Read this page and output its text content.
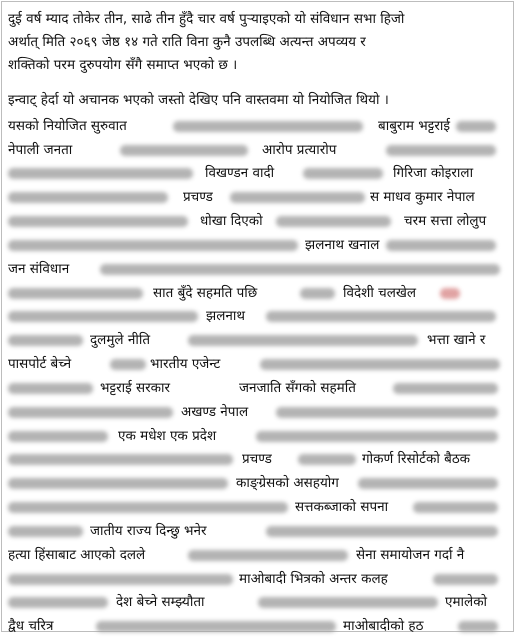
दुई वर्ष म्याद तोकेर तीन, साढे तीन हुँदै चार वर्ष पुऱ्याइएको यो संविधान सभा हिजो
अर्थात् मिति २०६९ जेष्ठ १४ गते राति विना कुनै उपलब्धि अत्यन्त अपव्यय र
शक्तिको परम दुरुपयोग सँगै समाप्त भएको छ ।
इन्वाट् हेर्दा यो अचानक भएको जस्तो देखिए पनि वास्तवमा यो नियोजित थियो ।
यसको नियोजित सुरुवात	बाबुराम भट्टराई
नेपाली जनता	आरोप प्रत्यारोप
विखण्डन वादी	गिरिजा कोइराला
प्रचण्ड	स माधव कुमार नेपाल
धोखा दिएको	चरम सत्ता लोलुप
झलनाथ खनाल
जन संविधान
सात बुँदे सहमति पछि	विदेशी चलखेल
झलनाथ
दुलमुले नीति	भत्ता खाने र
पासपोर्ट बेच्ने	भारतीय एजेन्ट
भट्टराई सरकार	जनजाति सँगको सहमति
अखण्ड नेपाल
एक मधेश एक प्रदेश
प्रचण्ड	गोकर्ण रिसोर्टको बैठक
काङ्ग्रेसको असहयोग
सत्तकब्जाको सपना
जातीय राज्य दिन्छु भनेर
हत्या हिंसाबाट आएको दलले	सेना समायोजन गर्दा नै
माओबादी भित्रको अन्तर कलह
देश बेच्ने सम्झ्यौता	एमालेको
द्वैध चरित्र	माओबादीको हठ
